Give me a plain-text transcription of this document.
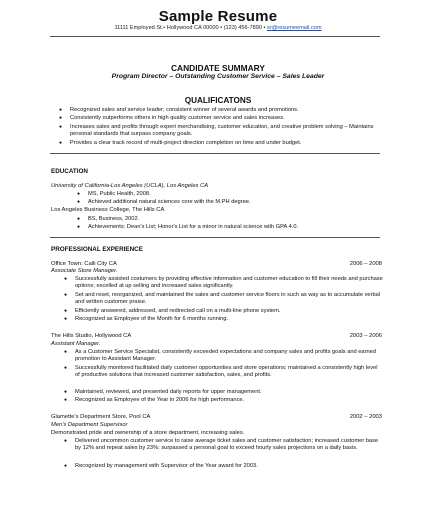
Sample Resume
11111 Employed St.• Hollywood CA 00000 • (123) 456-7890 • sr@resumeemail.com
CANDIDATE SUMMARY
Program Director – Outstanding Customer Service – Sales Leader
QUALIFICATONS
● Recognized sales and service leader; consistent winner of several awards and promotions.
● Consistently outperforms others in high quality customer service and sales increases.
● Increases sales and profits through expert merchandising, customer education, and creative problem solving – Maintains personal standards that surpass company goals.
● Provides a clear track record of multi-project direction completion on time and under budget.
EDUCATION
University of California-Los Angeles (UCLA), Los Angeles CA
● MS, Public Health, 2008.
● Achieved additional natural sciences core with the M.PH degree.
Los Angeles Business College, The Hills CA
● BS, Business, 2002.
● Achievements: Dean's List; Honor's List for a minor in natural science with GPA 4.0.
PROFESSIONAL EXPERIENCE
Office Town: Calli City CA	2006 – 2008
Associate Store Manager.
● Successfully assisted costumers by providing effective information and customer education to fill their needs and purchase options; excelled at up selling and increased sales significantly.
● Set and reset, reorganized, and maintained the sales and customer service floors in such as way as to accumulate verbal and written customer praise.
● Efficiently answered, addressed, and redirected call on a multi-line phone system.
● Recognized as Employee of the Month for 6 months running.
The Hills Studio, Hollywood CA	2003 – 2006
Assistant Manager.
● As a Customer Service Specialist, consistently exceeded expectations and company sales and profits goals and earned promotion to Assistant Manager.
● Successfully monitored facilitated daily customer opportunities and store operations; maintained a consistently high level of productive solutions that increased customer satisfaction, sales, and profits.
● Maintained, reviewed, and presented daily reports for upper management.
● Recognized as Employee of the Year in 2006 for high performance.
Glamette's Department Store, Pool CA	2002 – 2003
Men's Department Supervisor
Demonstrated pride and ownership of a store department, increasing sales.
● Delivered uncommon customer service to raise average ticket sales and customer satisfaction; increased customer base by 12% and repeat sales by 23%; surpassed a personal goal to exceed hourly sales projections on a daily basis.
● Recognized by management with Supervisor of the Year award for 2003.
